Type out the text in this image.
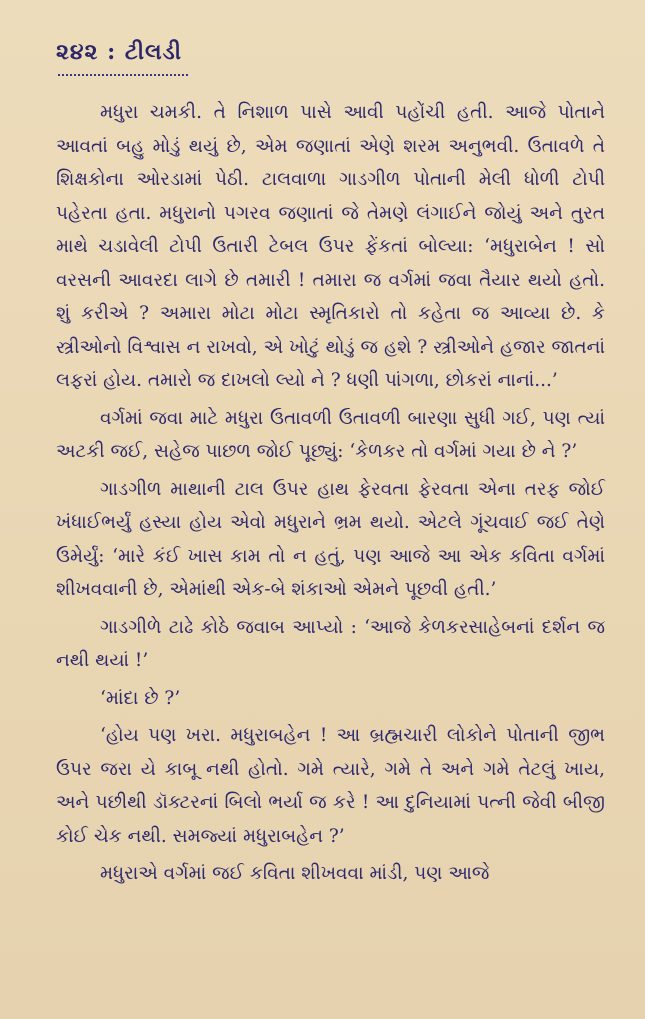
૨૪૨ : ટીલડી

મધુરા ચમકી. તે નિશાળ પાસે આવી પહોંચી હતી. આજે પોતાને આવતાં બહુ મોડું થયું છે, એમ જણાતાં એણે શરમ અનુભવી. ઉતાવળે તે શિક્ષકોના ઓરડામાં પેઠી. ટાલવાળા ગાડગીળ પોતાની મેલી ધોળી ટોપી પહેરતા હતા. મધુરાનો પગરવ જણાતાં જે તેમણે લંગાઈને જોયું અને તુરત માથે ચડાવેલી ટોપી ઉતારી ટેબલ ઉપર ફેંકતાં બોલ્યા: ‘મધુરાબેન ! સો વરસની આવરદા લાગે છે તમારી ! તમારા જ વર્ગમાં જવા તૈયાર થયો હતો. શું કરીએ ? અમારા મોટા મોટા સ્મૃતિકારો તો કહેતા જ આવ્યા છે. કે સ્ત્રીઓનો વિશ્વાસ ન રાખવો, એ ખોટું થોડું જ હશે ? સ્ત્રીઓને હજાર જાતનાં લફરાં હોય. તમારો જ દાખલો લ્યો ને ? ધણી પાંગળા, છોકરાં નાનાં...’

વર્ગમાં જવા માટે મધુરા ઉતાવળી ઉતાવળી બારણા સુધી ગઈ, પણ ત્યાં અટકી જઈ, સહેજ પાછળ જોઈ પૂછ્યું: ‘કેળકર તો વર્ગમાં ગયા છે ને ?’

ગાડગીળ માથાની ટાલ ઉપર હાથ ફેરવતા ફેરવતા એના તરફ જોઈ ખંધાઈભર્યું હસ્યા હોય એવો મધુરાને ભ્રમ થયો. એટલે ગૂંચવાઈ જઈ તેણે ઉમેર્યું: ‘મારે કંઈ ખાસ કામ તો ન હતું, પણ આજે આ એક કવિતા વર્ગમાં શીખવવાની છે, એમાંથી એક-બે શંકાઓ એમને પૂછવી હતી.’

ગાડગીળે ટાઢે કોઠે જવાબ આપ્યો : ‘આજે કેળકરસાહેબનાં દર્શન જ નથી થયાં !’

‘માંદા છે ?’

‘હોય પણ ખરા. મધુરાબહેન ! આ બ્રહ્મચારી લોકોને પોતાની જીભ ઉપર જરા યે કાબૂ નથી હોતો. ગમે ત્યારે, ગમે તે અને ગમે તેટલું ખાય, અને પછીથી ડૉક્ટરનાં બિલો ભર્યા જ કરે ! આ દુનિયામાં પત્ની જેવી બીજી કોઈ ચેક નથી. સમજ્યાં મધુરાબહેન ?’

મધુરાએ વર્ગમાં જઈ કવિતા શીખવવા માંડી, પણ આજે
